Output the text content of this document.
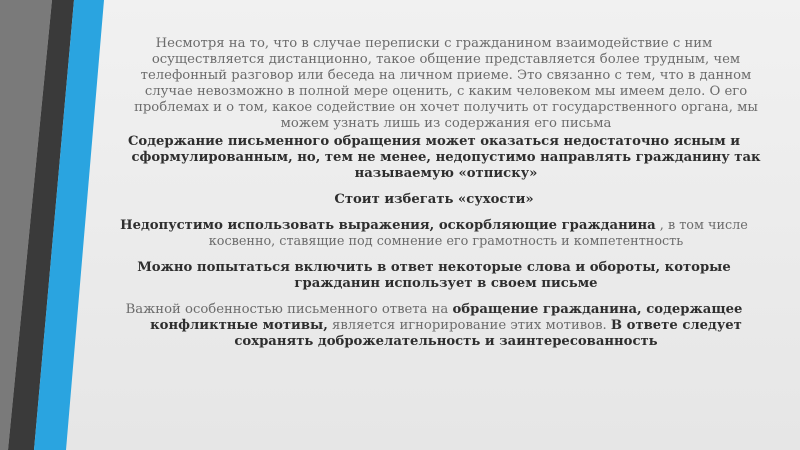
Несмотря на то, что в случае переписки с гражданином взаимодействие с ним осуществляется дистанционно, такое общение представляется более трудным, чем телефонный разговор или беседа на личном приеме. Это связанно с тем, что в данном случае невозможно в полной мере оценить, с каким человеком мы имеем дело. О его проблемах и о том, какое содействие он хочет получить от государственного органа, мы можем узнать лишь из содержания его письма

Содержание письменного обращения может оказаться недостаточно ясным и сформулированным, но, тем не менее, недопустимо направлять гражданину так называемую «отписку»

Стоит избегать «сухости»

Недопустимо использовать выражения, оскорбляющие гражданина , в том числе косвенно, ставящие под сомнение его грамотность и компетентность

Можно попытаться включить в ответ некоторые слова и обороты, которые гражданин использует в своем письме

Важной особенностью письменного ответа на обращение гражданина, содержащее конфликтные мотивы, является игнорирование этих мотивов. В ответе следует сохранять доброжелательность и заинтересованность
